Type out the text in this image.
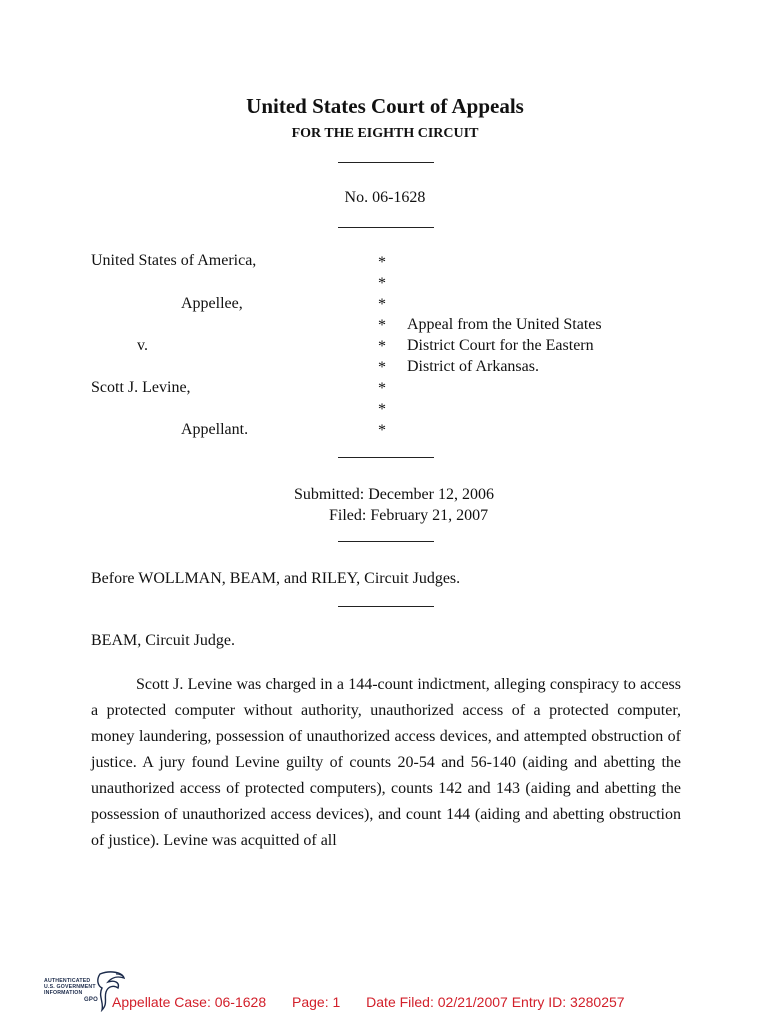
United States Court of Appeals
FOR THE EIGHTH CIRCUIT
No. 06-1628
United States of America,
Appellee,
v.
Scott J. Levine,
Appellant.
*
*
*
*
*
*
*
*
*
Appeal from the United States
District Court for the Eastern
District of Arkansas.
Submitted: December 12, 2006
Filed: February 21, 2007
Before WOLLMAN, BEAM, and RILEY, Circuit Judges.
BEAM, Circuit Judge.
Scott J. Levine was charged in a 144-count indictment, alleging conspiracy to access a protected computer without authority, unauthorized access of a protected computer, money laundering, possession of unauthorized access devices, and attempted obstruction of justice. A jury found Levine guilty of counts 20-54 and 56-140 (aiding and abetting the unauthorized access of protected computers), counts 142 and 143 (aiding and abetting the possession of unauthorized access devices), and count 144 (aiding and abetting obstruction of justice). Levine was acquitted of all
AUTHENTICATED
U.S. GOVERNMENT
INFORMATION
GPO Appellate Case: 06-1628 Page: 1 Date Filed: 02/21/2007 Entry ID: 3280257
